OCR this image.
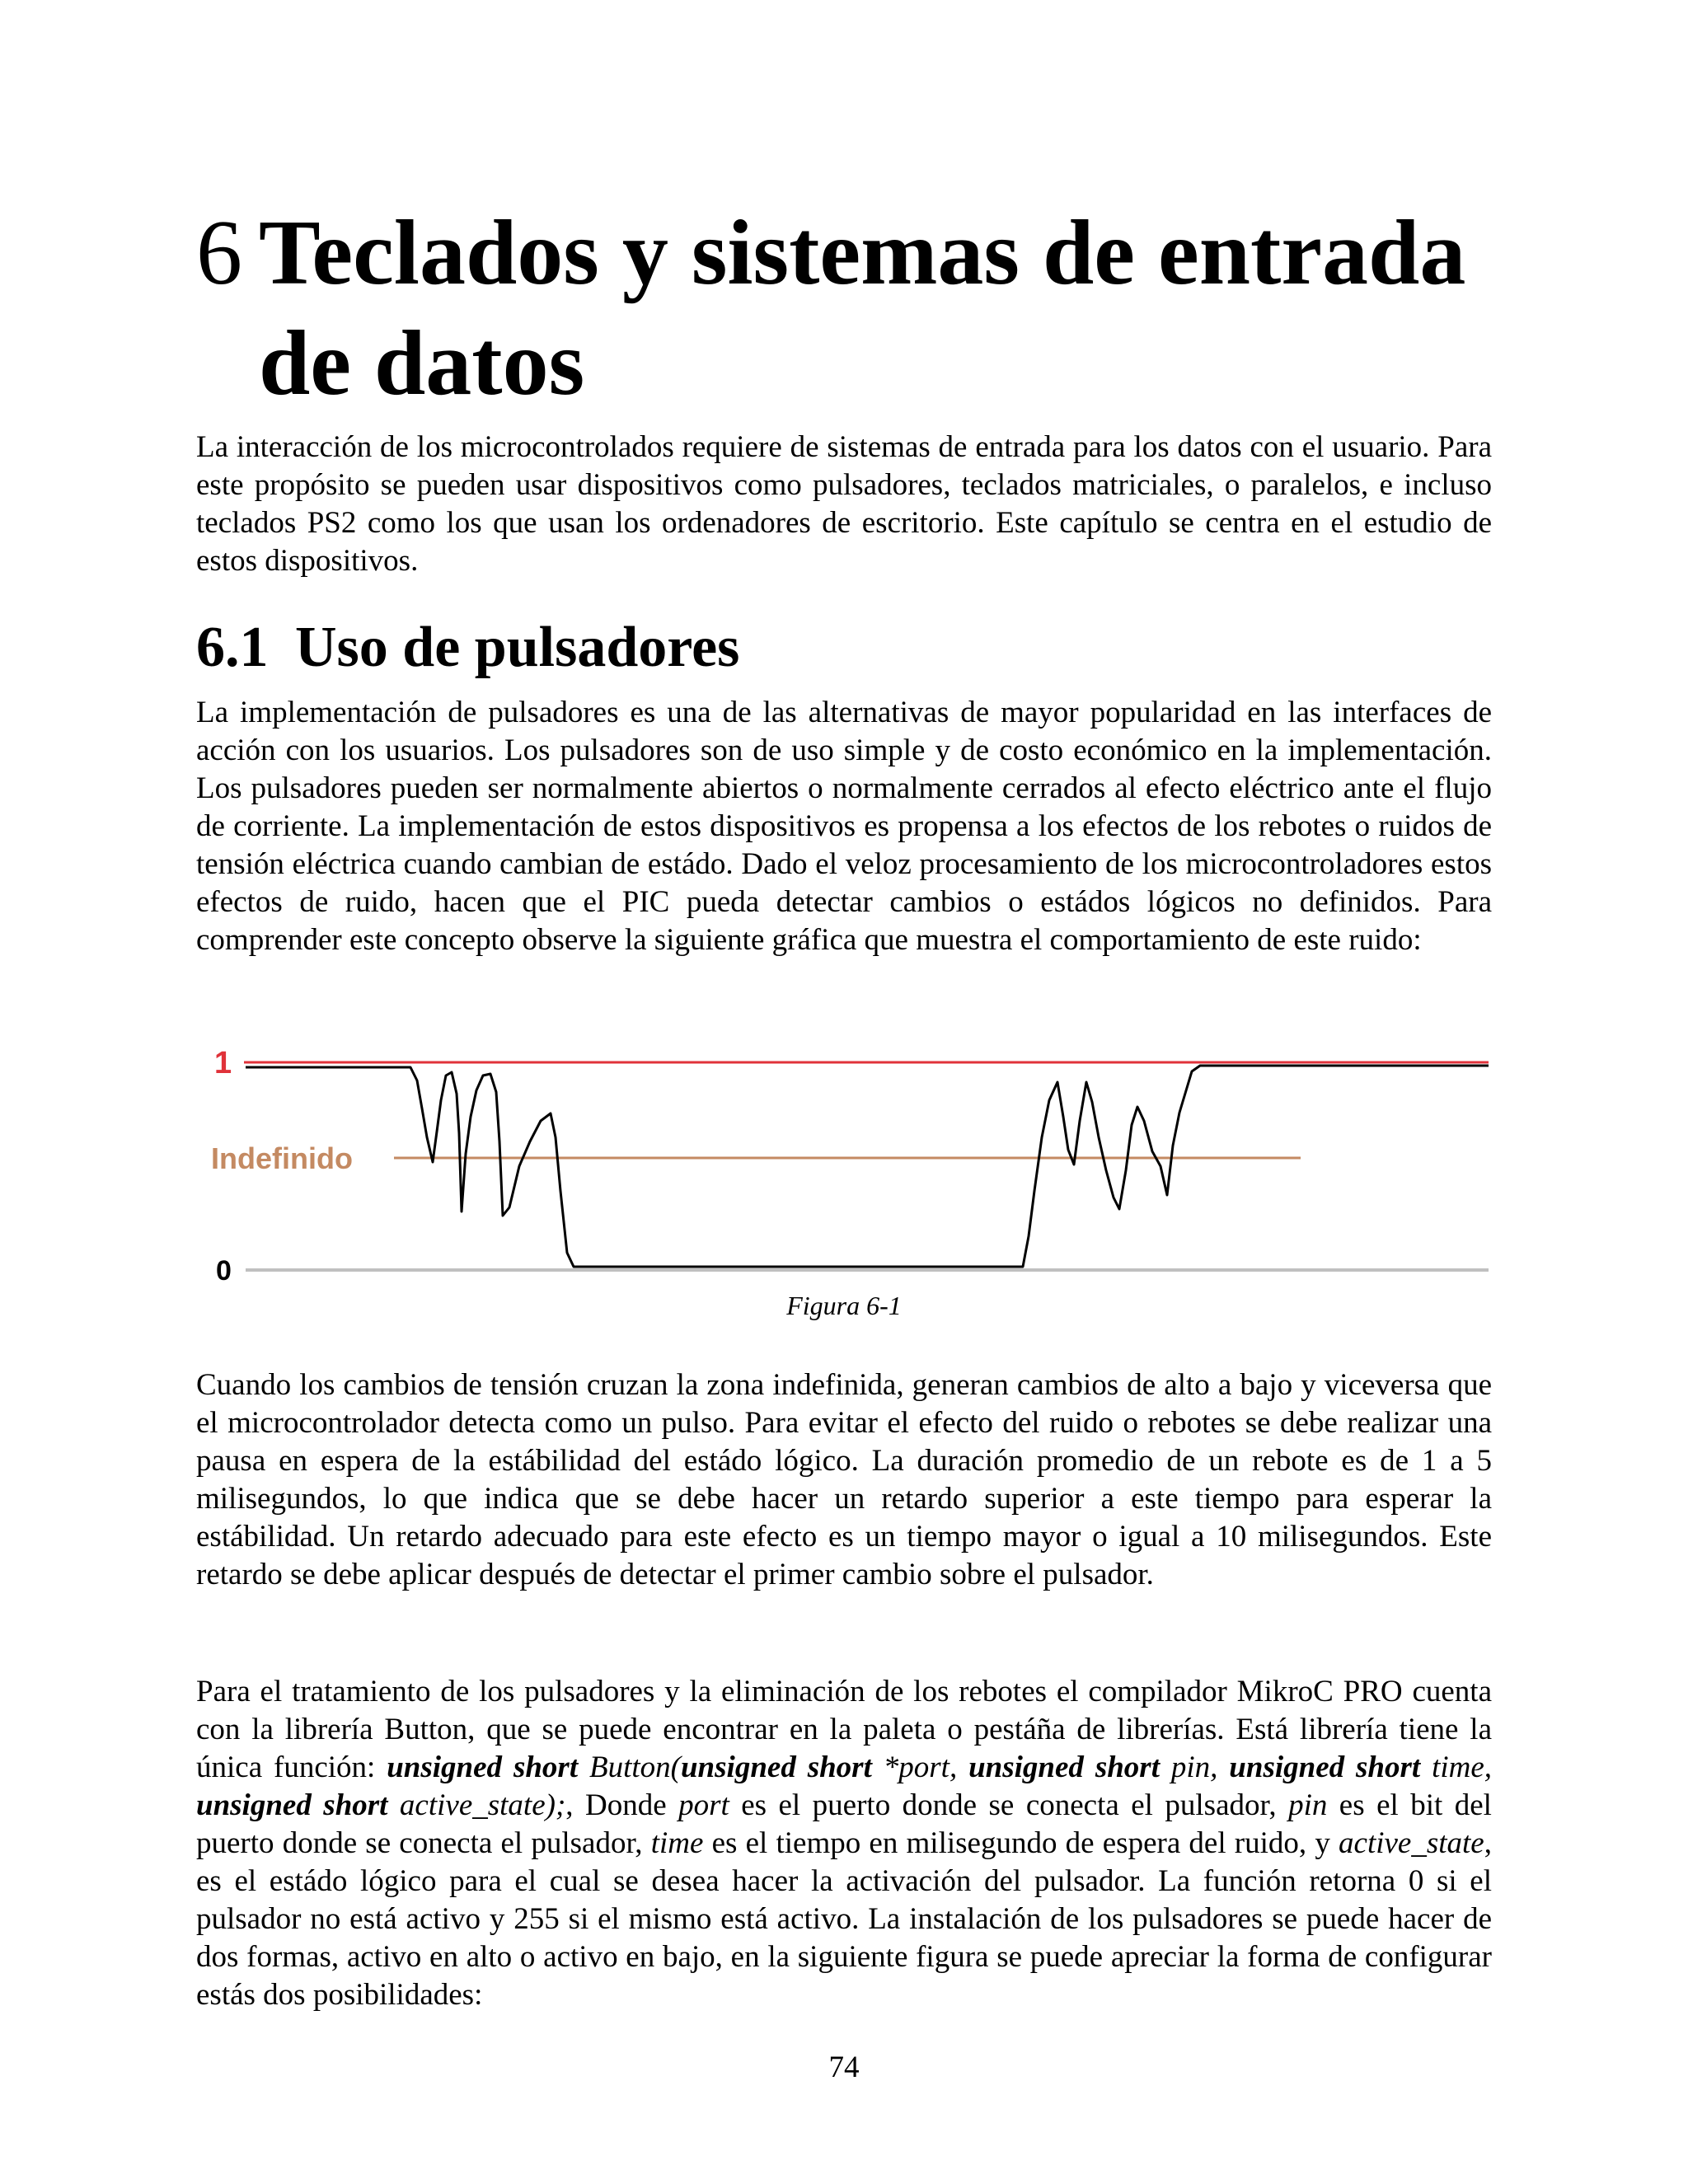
6 Teclados y sistemas de entrada de datos

La interacción de los microcontrolados requiere de sistemas de entrada para los datos con el usuario. Para este propósito se pueden usar dispositivos como pulsadores, teclados matriciales, o paralelos, e incluso teclados PS2 como los que usan los ordenadores de escritorio. Este capítulo se centra en el estudio de estos dispositivos.

6.1 Uso de pulsadores

La implementación de pulsadores es una de las alternativas de mayor popularidad en las interfaces de acción con los usuarios. Los pulsadores son de uso simple y de costo económico en la implementación. Los pulsadores pueden ser normalmente abiertos o normalmente cerrados al efecto eléctrico ante el flujo de corriente. La implementación de estos dispositivos es propensa a los efectos de los rebotes o ruidos de tensión eléctrica cuando cambian de estádo. Dado el veloz procesamiento de los microcontroladores estos efectos de ruido, hacen que el PIC pueda detectar cambios o estádos lógicos no definidos. Para comprender este concepto observe la siguiente gráfica que muestra el comportamiento de este ruido:

1
Indefinido
0

Figura 6-1

Cuando los cambios de tensión cruzan la zona indefinida, generan cambios de alto a bajo y viceversa que el microcontrolador detecta como un pulso. Para evitar el efecto del ruido o rebotes se debe realizar una pausa en espera de la estábilidad del estádo lógico. La duración promedio de un rebote es de 1 a 5 milisegundos, lo que indica que se debe hacer un retardo superior a este tiempo para esperar la estábilidad. Un retardo adecuado para este efecto es un tiempo mayor o igual a 10 milisegundos. Este retardo se debe aplicar después de detectar el primer cambio sobre el pulsador.

Para el tratamiento de los pulsadores y la eliminación de los rebotes el compilador MikroC PRO cuenta con la librería Button, que se puede encontrar en la paleta o pestáña de librerías. Está librería tiene la única función: unsigned short Button(unsigned short *port, unsigned short pin, unsigned short time, unsigned short active_state);, Donde port es el puerto donde se conecta el pulsador, pin es el bit del puerto donde se conecta el pulsador, time es el tiempo en milisegundo de espera del ruido, y active_state, es el estádo lógico para el cual se desea hacer la activación del pulsador. La función retorna 0 si el pulsador no está activo y 255 si el mismo está activo. La instalación de los pulsadores se puede hacer de dos formas, activo en alto o activo en bajo, en la siguiente figura se puede apreciar la forma de configurar estás dos posibilidades:

74
